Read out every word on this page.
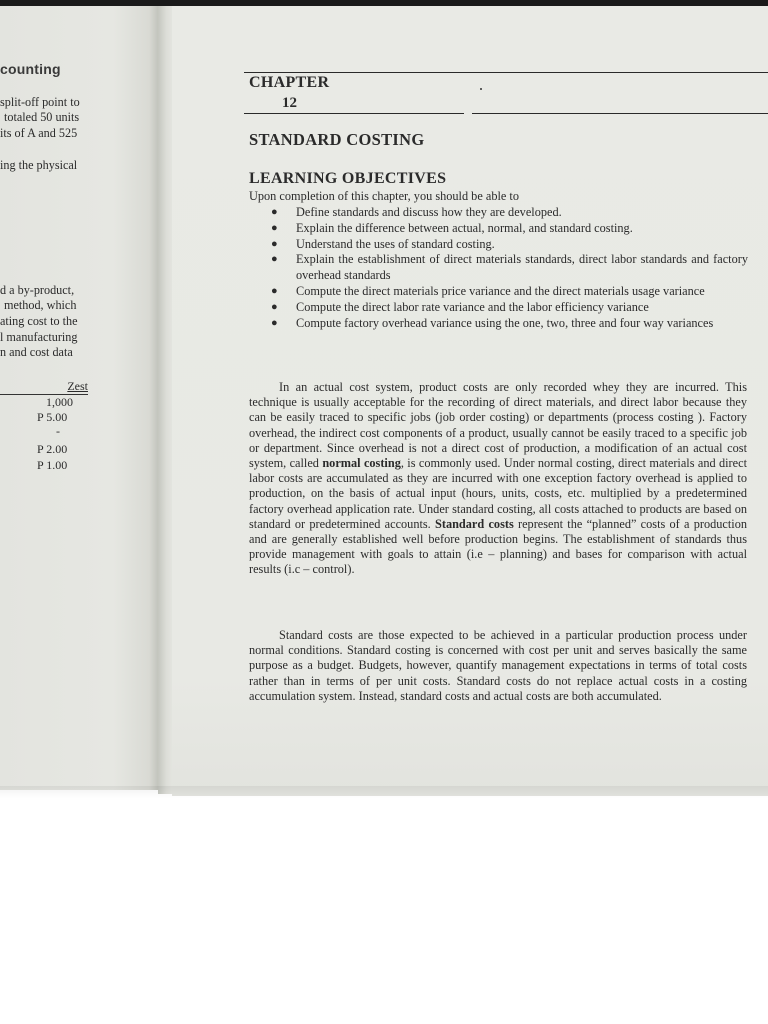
counting
split-off point to
totaled 50 units
its of A and 525
ing the physical
d a by-product,
method, which
ating cost to the
l manufacturing
n and cost data
Zest
1,000
P 5.00
-
P 2.00
P 1.00
CHAPTER
12
STANDARD COSTING
LEARNING OBJECTIVES
Upon completion of this chapter, you should be able to
● Define standards and discuss how they are developed.
● Explain the difference between actual, normal, and standard costing.
● Understand the uses of standard costing.
● Explain the establishment of direct materials standards, direct labor standards and factory overhead standards
● Compute the direct materials price variance and the direct materials usage variance
● Compute the direct labor rate variance and the labor efficiency variance
● Compute factory overhead variance using the one, two, three and four way variances

In an actual cost system, product costs are only recorded whey they are incurred. This technique is usually acceptable for the recording of direct materials, and direct labor because they can be easily traced to specific jobs (job order costing) or departments (process costing ). Factory overhead, the indirect cost components of a product, usually cannot be easily traced to a specific job or department. Since overhead is not a direct cost of production, a modification of an actual cost system, called normal costing, is commonly used. Under normal costing, direct materials and direct labor costs are accumulated as they are incurred with one exception factory overhead is applied to production, on the basis of actual input (hours, units, costs, etc. multiplied by a predetermined factory overhead application rate. Under standard costing, all costs attached to products are based on standard or predetermined accounts. Standard costs represent the “planned” costs of a production and are generally established well before production begins. The establishment of standards thus provide management with goals to attain (i.e – planning) and bases for comparison with actual results (i.c – control).

Standard costs are those expected to be achieved in a particular production process under normal conditions. Standard costing is concerned with cost per unit and serves basically the same purpose as a budget. Budgets, however, quantify management expectations in terms of total costs rather than in terms of per unit costs. Standard costs do not replace actual costs in a costing accumulation system. Instead, standard costs and actual costs are both accumulated.
